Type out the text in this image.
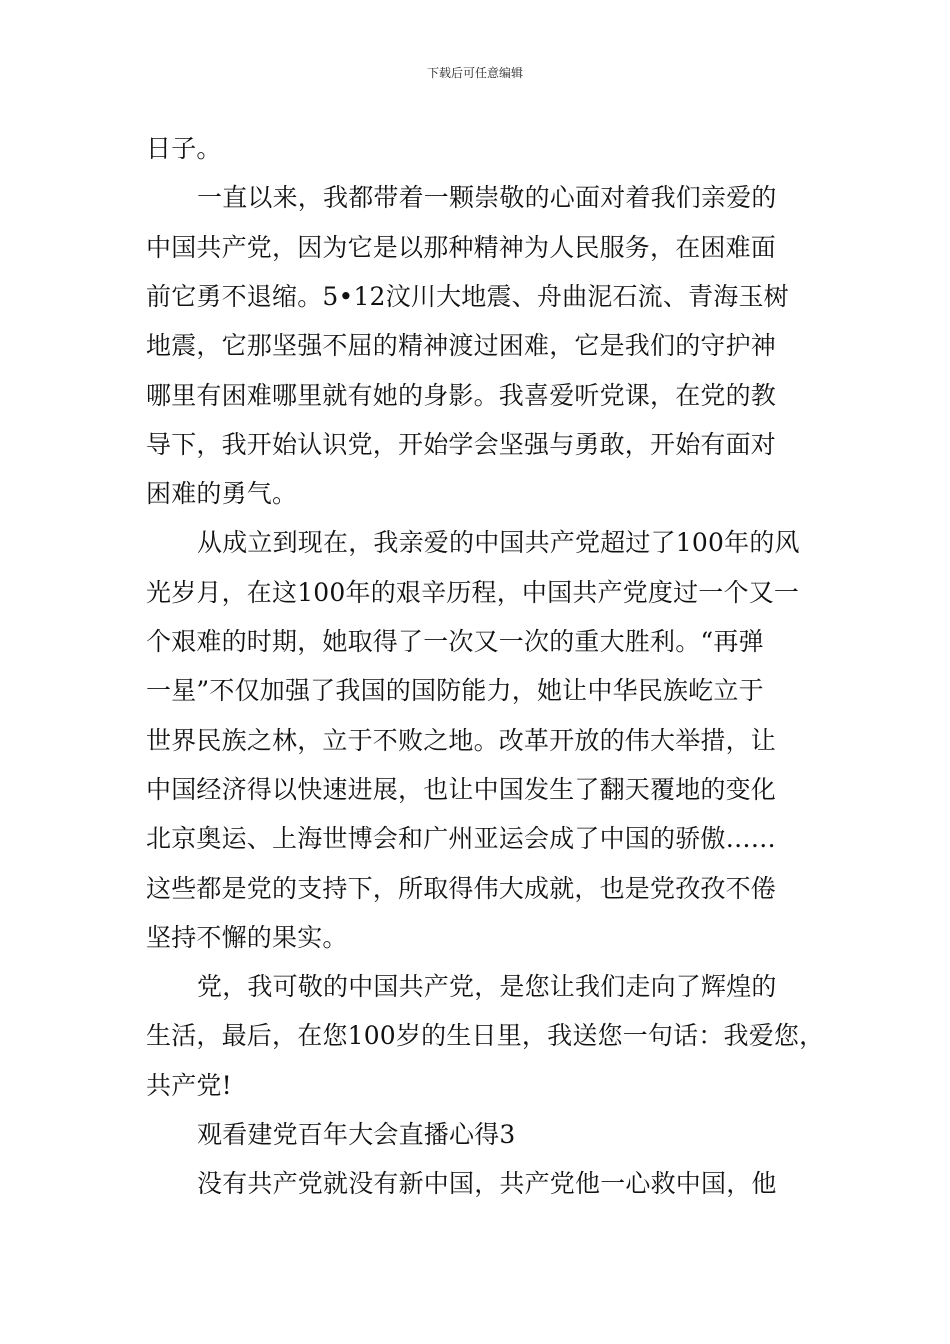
下载后可任意编辑
日子。
一直以来，我都带着一颗崇敬的心面对着我们亲爱的
中国共产党，因为它是以那种精神为人民服务，在困难面
前它勇不退缩。5•12汶川大地震、舟曲泥石流、青海玉树
地震，它那坚强不屈的精神渡过困难，它是我们的守护神
哪里有困难哪里就有她的身影。我喜爱听党课，在党的教
导下，我开始认识党，开始学会坚强与勇敢，开始有面对
困难的勇气。
从成立到现在，我亲爱的中国共产党超过了100年的风
光岁月，在这100年的艰辛历程，中国共产党度过一个又一
个艰难的时期，她取得了一次又一次的重大胜利。“再弹
一星”不仅加强了我国的国防能力，她让中华民族屹立于
世界民族之林，立于不败之地。改革开放的伟大举措，让
中国经济得以快速进展，也让中国发生了翻天覆地的变化
北京奥运、上海世博会和广州亚运会成了中国的骄傲……
这些都是党的支持下，所取得伟大成就，也是党孜孜不倦
坚持不懈的果实。
党，我可敬的中国共产党，是您让我们走向了辉煌的
生活，最后，在您100岁的生日里，我送您一句话：我爱您，
共产党!
观看建党百年大会直播心得3
没有共产党就没有新中国，共产党他一心救中国，他
